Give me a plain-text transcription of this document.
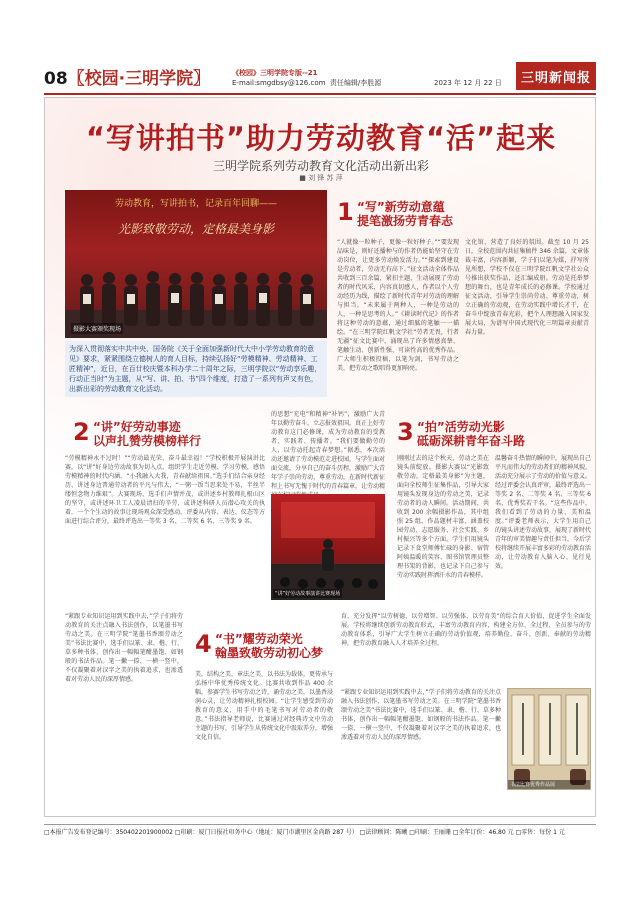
08〖校园·三明学院〗	《校园》三明学院专版--21
E-mail:smgdbsy@126.com 责任编辑/李胜源	2023 年 12 月 22 日	三明新闻报
“写讲拍书”助力劳动教育“活”起来
三明学院系列劳动教育文化活动出新出彩
■ 刘 锋 苏 萍
劳动教育，写讲拍书，记录百年回聊——
光影致敬劳动，定格最美身影
摄影大赛颁奖现场
为深入贯彻落实中共中央、国务院《关于全面加强新时代大中小学劳动教育的意见》要求，紧紧围绕立德树人的育人目标，持续弘扬好“劳模精神、劳动精神、工匠精神”，近日，在百廿校庆暨本科办学二十周年之际，三明学院以“劳动享乐趣，行动正当时”为主题，从“写、讲、拍、书”四个维度，打造了一系列有声又有色，出新出彩的劳动教育文化活动。
1 “写”新劳动意蕴
提笔激扬劳青春志
“人就像一粒种子，更像一粒好种子。”“要发现品味是，则好还播种与的作者仍能始坚守在劳动岗位，让更多劳动焕发活力。”“探索到建设是劳动者，劳动无有高下。”征文活动全体作品共收到三百余篇，紧扣主题，生动展现了劳动者的时代风采，内容真切感人，作者以个人劳动经历为线，描绘了新时代青年对劳动的理解与担当。“未来属于两种人，一种是劳动的人，一种是思考的人。”《耕读时代记》的作者将这种劳动的意蕴，通过细腻的笔触一一描绘。“在三明学院红帆文学社“劳者无畏，行者无疆”征文比赛中，涌现出了许多情感真挚、笔触生动、创新性强、可读性高的优秀作品。广大师生积极投稿，以笔为剑，书写劳动之美，把劳动之歌唱得更加响亮。
文化馆，营造了良好的氛围。截至 10 月 25 日，全校范围内共征集稿件 346 余篇，文章体裁丰富，内容新颖，学子们以笔为媒，抒写所见所想，学校不仅在三明学院红帆文学社公众号推出获奖作品，还汇编成册。劳动是托举梦想的舞台，也是青年成长的必修课。学校通过征文活动，引导学生崇尚劳动、尊重劳动，树立正确的劳动观，在劳动实践中增长才干，在奋斗中绽放青春光彩，把个人理想融入国家发展大局，为谱写中国式现代化三明篇章贡献青春力量。
2 “讲”好劳动事迹
以声扎赞劳模榜样行
“劳模精神永不过时！”“劳动最光荣，奋斗最幸福！”学校积极开展演讲比赛，以“讲”好身边劳动故事为切入点，组织学生走近劳模、学习劳模，感悟劳模精神的时代内涵。“小我融入大我，青春献给祖国。”选手们结合亲身经历，讲述身边普通劳动者的平凡与伟大，“一粥一饭当思来处不易，半丝半缕恒念物力维艰”。大赛现场，选手们声情并茂，或讲述乡村教师扎根山区的坚守，或讲述环卫工人凌晨清扫的辛劳，或讲述科研人员潜心攻关的执着，一个个生动的故事让现场观众深受感动。评委从内容、表达、仪态等方面进行综合评分，最终评选出一等奖 3 名、二等奖 6 名、三等奖 9 名。
的思想“充电”和精神“补钙”，激励广大青年以勤劳奋斗，立志报效祖国，真正上好劳动教育这门必修课，成为劳动教育的受教者、实践者、传播者。“我们要做勤劳的人，以劳动托起青春梦想。”据悉，本次活动还邀请了劳动模范走进校园，与学生面对面交流，分享自己的奋斗历程，激励广大青年学子崇尚劳动、尊重劳动，在新时代新征程上书写无愧于时代的青春篇章，让劳动精
“讲”好劳动故事演讲比赛现场
3 “拍”活劳动光影
砥砺深耕青年奋斗路
刚刚过去的这个秋天，劳动之美在镜头前绽放。摄影大赛以“光影致敬劳动，定格最美身影”为主题，面向全校师生征集作品，引导大家用镜头发现身边的劳动之美，记录劳动者的动人瞬间。活动期间，共收到 200 余幅摄影作品，其中组照 25 组，作品题材丰富，涵盖校园劳动、志愿服务、社会实践、乡村振兴等多个方面。学生们用镜头记录下食堂师傅忙碌的身影、宿管阿姨温暖的笑容、图书馆管理员整理书架的背影，也记录下自己参与劳动实践时挥洒汗水的青春模样。
温馨奋斗热情的瞬间中，展现出自己平凡而伟大的劳动者们的精神风貌，活动充分展示了劳动的价值与意义。经过评委会认真评审，最终评选出一等奖 2 名、二等奖 4 名、三等奖 6 名、优秀奖若干名。“这些作品中，我们看到了劳动的力量、美和温度。”评委老师表示，大学生用自己的镜头讲述劳动故事，展现了新时代青年的审美情趣与责任担当，今后学校将继续开展丰富多彩的劳动教育活动，让劳动教育入脑入心、见行见效。
“紧跟专业知识运用到实践中去，”学子们将劳动教育的关注点融入书法创作，以笔墨书写劳动之美。在三明学院“笔墨书香颂劳动之美”书法比赛中，选手们以篆、隶、楷、行、草多种书体，创作出一幅幅笔酣墨饱、如钢般的书法作品。笔一撇一捺、一横一竖中，不仅凝聚着对汉字之美的执着追求，也渗透着对劳动人民的深厚情感。
4 “书”耀劳动荣光
翰墨致敬劳动初心梦
美，结构之美，章法之美，以书法为载体，更传承与弘扬中华优秀传统文化。比赛共收到作品 400 余幅，参赛学生书写劳动之诗，诵劳动之美，以墨香浸润心灵，让劳动精神扎根校园。“让学生感受到劳动教育的意义，用手中的毛笔书写对劳动者的敬意。”书法指导老师说，比赛通过对经典诗文中劳动主题的书写，引导学生从传统文化中汲取养分，增强文化自信。
育，充分发挥“以劳树德、以劳增智、以劳强体、以劳育美”的综合育人价值，促进学生全面发展。学校将继续创新劳动教育形式，丰富劳动教育内容，构建全方位、全过程、全员参与的劳动教育体系，引导广大学生树立正确的劳动价值观，培养勤俭、奋斗、创新、奉献的劳动精神，把劳动教育融入人才培养全过程。
“紧跟专业知识运用到实践中去，”学子们将劳动教育的关注点融入书法创作，以笔墨书写劳动之美。在三明学院“笔墨书香颂劳动之美”书法比赛中，选手们以篆、隶、楷、行、草多种书体，创作出一幅幅笔酣墨饱、如钢般的书法作品。笔一撇一捺、一横一竖中，不仅凝聚着对汉字之美的执着追求，也渗透着对劳动人民的深厚情感。
书法比赛优秀作品展
□本报广告发布登记编号：350402201900002 □印刷：厦门日报社印务中心（地址：厦门市湖里区金尚路 287 号） □法律顾问：陈曦 □印刷：王丽珊 □全年订价：46.80 元 □零售：每份 1 元
